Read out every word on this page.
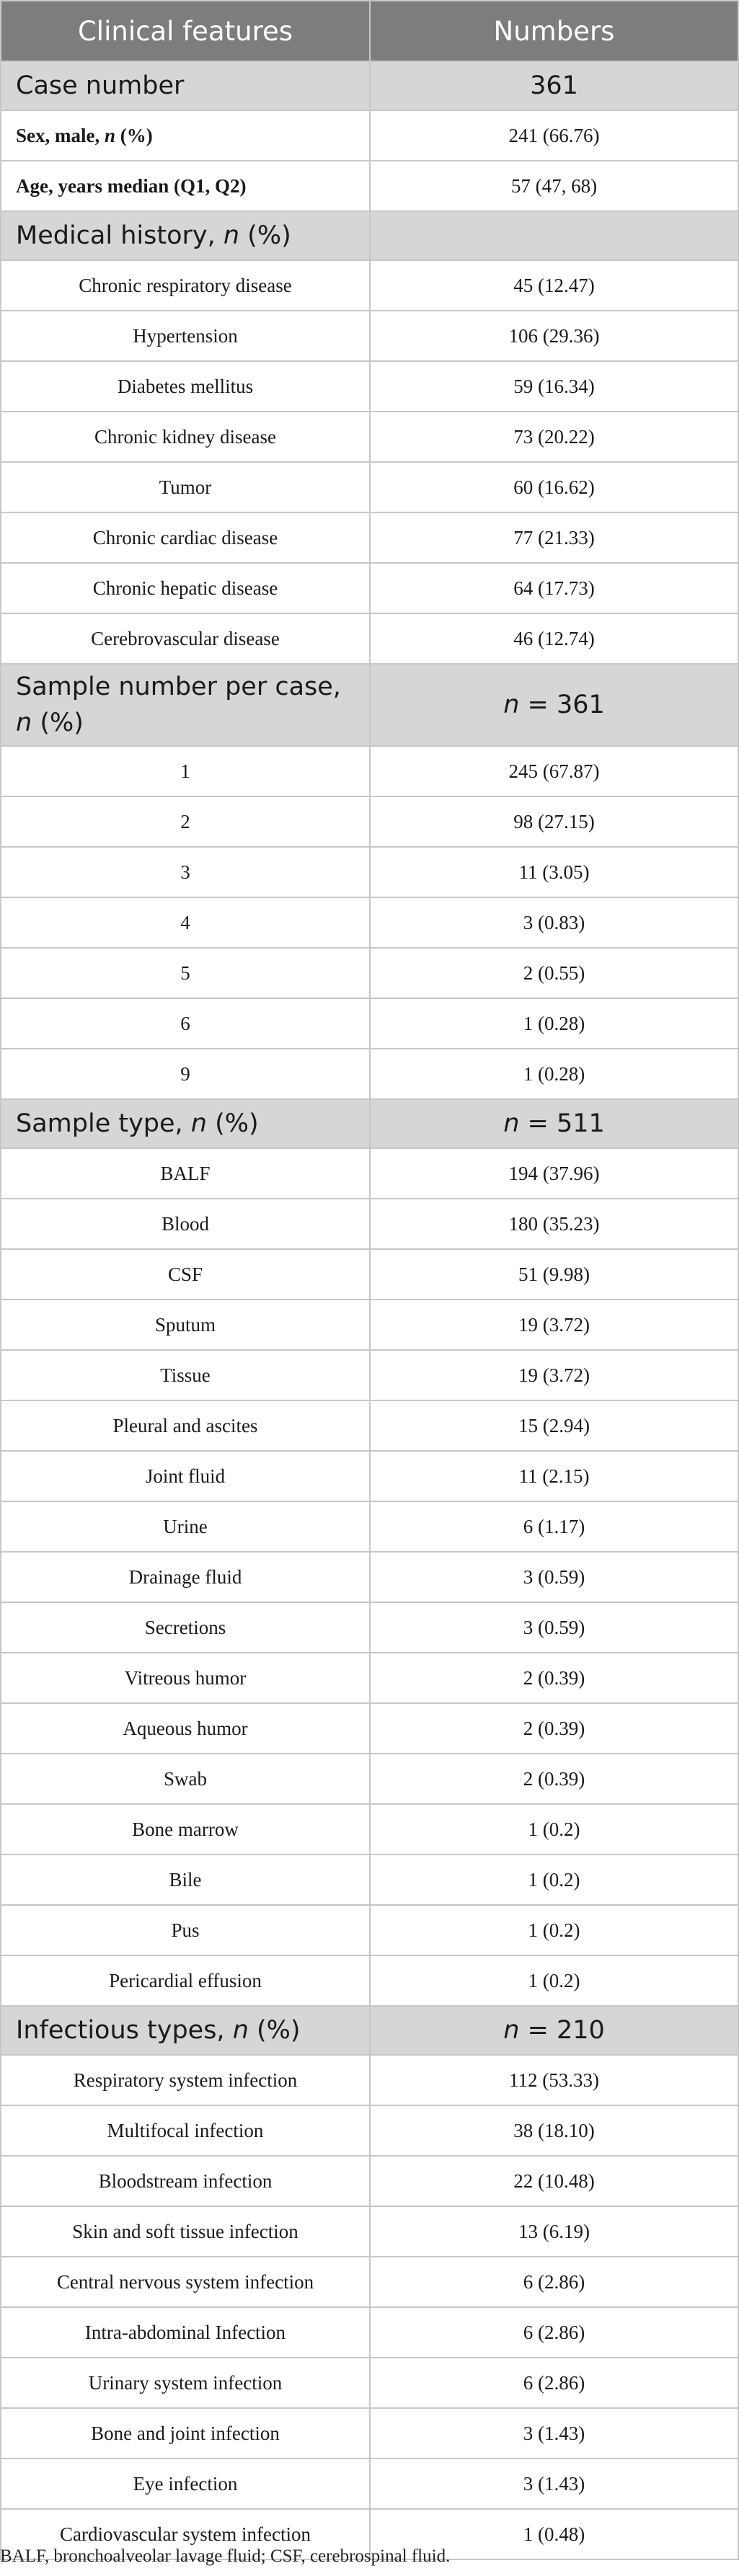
Clinical features	Numbers
Case number	361
Sex, male, n (%)	241 (66.76)
Age, years median (Q1, Q2)	57 (47, 68)
Medical history, n (%)	
Chronic respiratory disease	45 (12.47)
Hypertension	106 (29.36)
Diabetes mellitus	59 (16.34)
Chronic kidney disease	73 (20.22)
Tumor	60 (16.62)
Chronic cardiac disease	77 (21.33)
Chronic hepatic disease	64 (17.73)
Cerebrovascular disease	46 (12.74)
Sample number per case,
n (%)	n = 361
1	245 (67.87)
2	98 (27.15)
3	11 (3.05)
4	3 (0.83)
5	2 (0.55)
6	1 (0.28)
9	1 (0.28)
Sample type, n (%)	n = 511
BALF	194 (37.96)
Blood	180 (35.23)
CSF	51 (9.98)
Sputum	19 (3.72)
Tissue	19 (3.72)
Pleural and ascites	15 (2.94)
Joint fluid	11 (2.15)
Urine	6 (1.17)
Drainage fluid	3 (0.59)
Secretions	3 (0.59)
Vitreous humor	2 (0.39)
Aqueous humor	2 (0.39)
Swab	2 (0.39)
Bone marrow	1 (0.2)
Bile	1 (0.2)
Pus	1 (0.2)
Pericardial effusion	1 (0.2)
Infectious types, n (%)	n = 210
Respiratory system infection	112 (53.33)
Multifocal infection	38 (18.10)
Bloodstream infection	22 (10.48)
Skin and soft tissue infection	13 (6.19)
Central nervous system infection	6 (2.86)
Intra-abdominal Infection	6 (2.86)
Urinary system infection	6 (2.86)
Bone and joint infection	3 (1.43)
Eye infection	3 (1.43)
Cardiovascular system infection	1 (0.48)
BALF, bronchoalveolar lavage fluid; CSF, cerebrospinal fluid.
